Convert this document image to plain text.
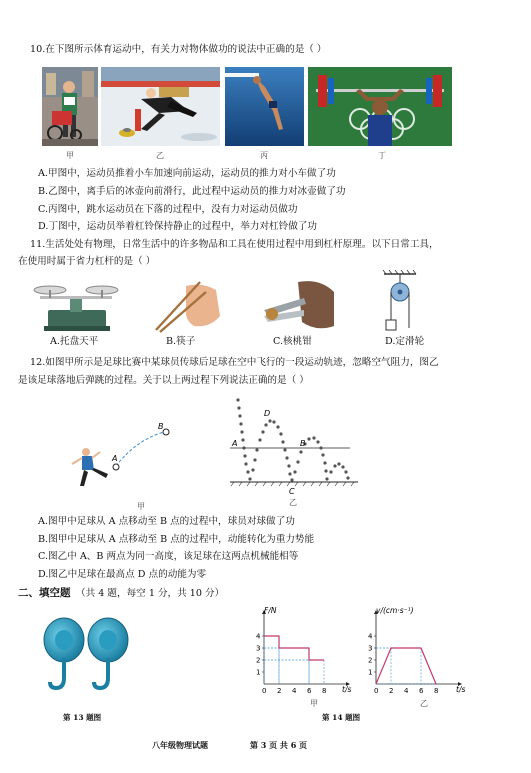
10.在下图所示体育运动中，有关力对物体做功的说法中正确的是（ ）
甲	乙	丙	丁
A.甲图中，运动员推着小车加速向前运动，运动员的推力对小车做了功
B.乙图中，离手后的冰壶向前滑行，此过程中运动员的推力对冰壶做了功
C.丙图中，跳水运动员在下落的过程中，没有力对运动员做功
D.丁图中，运动员举着杠铃保持静止的过程中，举力对杠铃做了功
11.生活处处有物理，日常生活中的许多物品和工具在使用过程中用到杠杆原理。以下日常工具，
在使用时属于省力杠杆的是（ ）
A.托盘天平	B.筷子	C.核桃钳	D.定滑轮
12.如图甲所示是足球比赛中某球员传球后足球在空中飞行的一段运动轨迹，忽略空气阻力，图乙
是该足球落地后弹跳的过程。关于以上两过程下列说法正确的是（ ）
A
B
甲
A	B
C
D
乙
A.图甲中足球从 A 点移动至 B 点的过程中，球员对球做了功
B.图甲中足球从 A 点移动至 B 点的过程中，动能转化为重力势能
C.图乙中 A、B 两点为同一高度，该足球在这两点机械能相等
D.图乙中足球在最高点 D 点的动能为零
二、填空题 （共 4 题，每空 1 分，共 10 分）
第 13 题图
0 2 4 6 8
1
2
3
4
F/N
t/s
甲
0 2 4 6 8
1
2
3
4
v/(cm·s⁻¹)
t/s
乙
第 14 题图
八年级物理试题	第 3 页 共 6 页
